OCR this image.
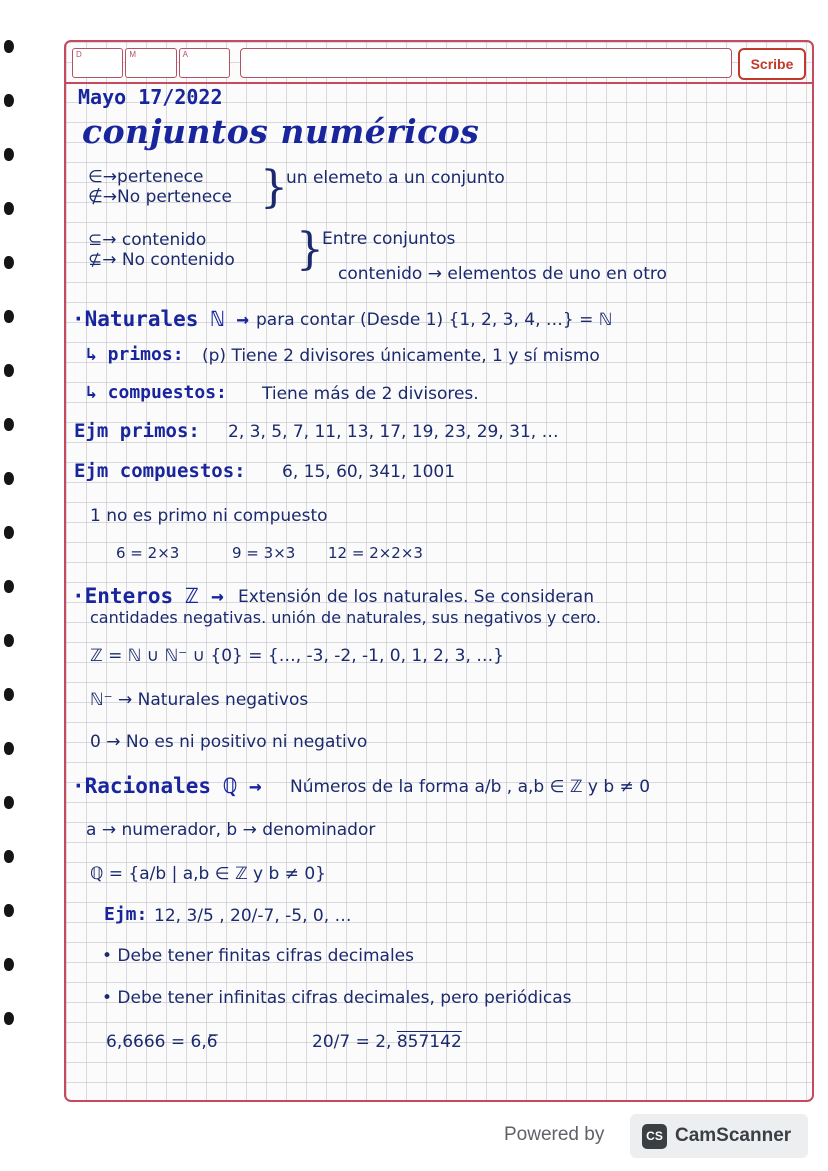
D	M	A
Scribe
Mayo 17/2022
conjuntos numéricos
∈→pertenece
∉→No pertenece }
un elemeto a un conjunto
⊆→ contenido
⊈→ No contenido }
Entre conjuntos
contenido → elementos de uno en otro
·Naturales ℕ → para contar (Desde 1) {1, 2, 3, 4, …} = ℕ
↳ primos: (p) Tiene 2 divisores únicamente, 1 y sí mismo
↳ compuestos: Tiene más de 2 divisores.
Ejm primos: 2, 3, 5, 7, 11, 13, 17, 19, 23, 29, 31, …
Ejm compuestos: 6, 15, 60, 341, 1001
1 no es primo ni compuesto
6 = 2×3	9 = 3×3 12 = 2×2×3
·Enteros ℤ → Extensión de los naturales. Se consideran
cantidades negativas. unión de naturales, sus negativos y cero.
ℤ = ℕ ∪ ℕ⁻ ∪ {0} = {…, -3, -2, -1, 0, 1, 2, 3, …}
ℕ⁻ → Naturales negativos
0 → No es ni positivo ni negativo
·Racionales ℚ → Números de la forma a/b , a,b ∈ ℤ y b ≠ 0
a → numerador, b → denominador
ℚ = {a/b | a,b ∈ ℤ y b ≠ 0}
Ejm: 12, 3/5 , 20/-7, -5, 0, …
• Debe tener finitas cifras decimales
• Debe tener infinitas cifras decimales, pero periódicas
6,6666 = 6,6̅	20/7 = 2, 857142
Powered by	CS CamScanner
